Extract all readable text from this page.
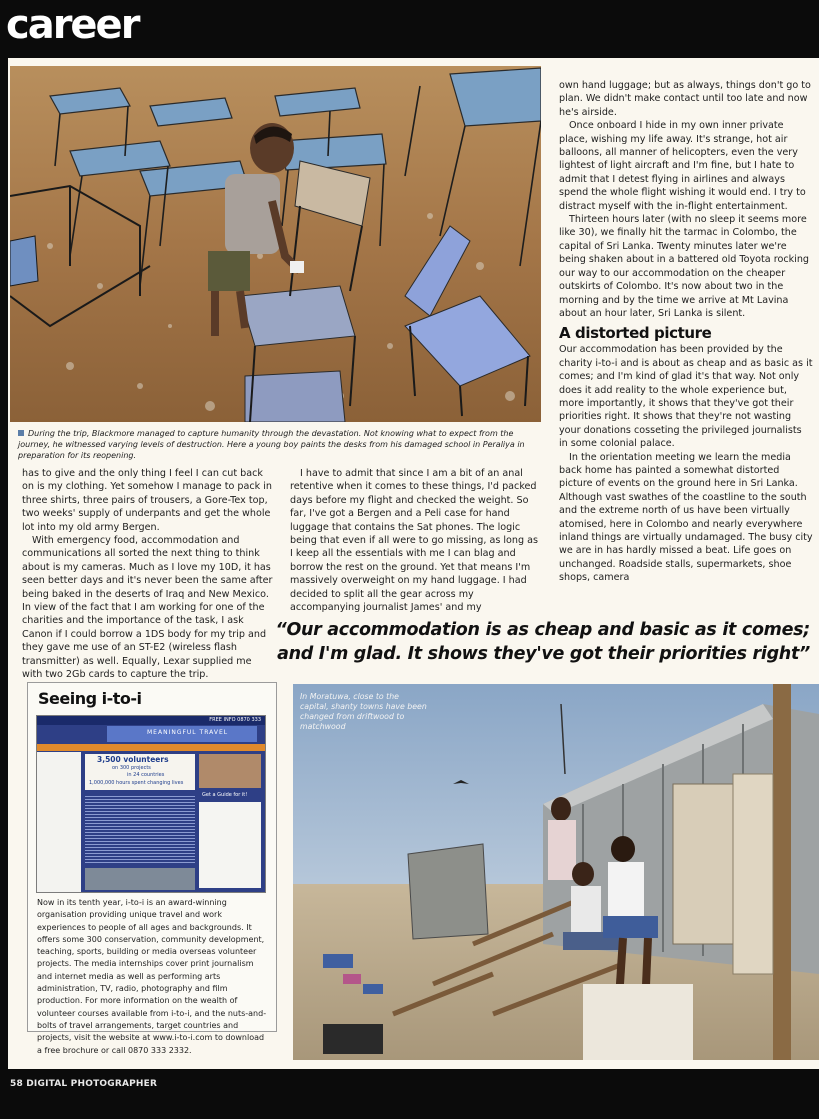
career
During the trip, Blackmore managed to capture humanity through the devastation. Not knowing what to expect from the journey, he witnessed varying levels of destruction. Here a young boy paints the desks from his damaged school in Peraliya in preparation for its reopening.

has to give and the only thing I feel I can cut back on is my clothing. Yet somehow I manage to pack in three shirts, three pairs of trousers, a Gore-Tex top, two weeks' supply of underpants and get the whole lot into my old army Bergen.

With emergency food, accommodation and communications all sorted the next thing to think about is my cameras. Much as I love my 10D, it has seen better days and it's never been the same after being baked in the deserts of Iraq and New Mexico. In view of the fact that I am working for one of the charities and the importance of the task, I ask Canon if I could borrow a 1DS body for my trip and they gave me use of an ST-E2 (wireless flash transmitter) as well. Equally, Lexar supplied me with two 2Gb cards to capture the trip.

I have to admit that since I am a bit of an anal retentive when it comes to these things, I'd packed days before my flight and checked the weight. So far, I've got a Bergen and a Peli case for hand luggage that contains the Sat phones. The logic being that even if all were to go missing, as long as I keep all the essentials with me I can blag and borrow the rest on the ground. Yet that means I'm massively overweight on my hand luggage. I had decided to split all the gear across my accompanying journalist James' and my

own hand luggage; but as always, things don't go to plan. We didn't make contact until too late and now he's airside.

Once onboard I hide in my own inner private place, wishing my life away. It's strange, hot air balloons, all manner of helicopters, even the very lightest of light aircraft and I'm fine, but I hate to admit that I detest flying in airlines and always spend the whole flight wishing it would end. I try to distract myself with the in-flight entertainment.

Thirteen hours later (with no sleep it seems more like 30), we finally hit the tarmac in Colombo, the capital of Sri Lanka. Twenty minutes later we're being shaken about in a battered old Toyota rocking our way to our accommodation on the cheaper outskirts of Colombo. It's now about two in the morning and by the time we arrive at Mt Lavina about an hour later, Sri Lanka is silent.

A distorted picture

Our accommodation has been provided by the charity i-to-i and is about as cheap and as basic as it comes; and I'm kind of glad it's that way. Not only does it add reality to the whole experience but, more importantly, it shows that they've got their priorities right. It shows that they're not wasting your donations cosseting the privileged journalists in some colonial palace.

In the orientation meeting we learn the media back home has painted a somewhat distorted picture of events on the ground here in Sri Lanka. Although vast swathes of the coastline to the south and the extreme north of us have been virtually atomised, here in Colombo and nearly everywhere inland things are virtually undamaged. The busy city we are in has hardly missed a beat. Life goes on unchanged. Roadside stalls, supermarkets, shoe shops, camera

“Our accommodation is as cheap and basic as it comes;
and I'm glad. It shows they've got their priorities right”
Seeing i-to-i
FREE INFO 0870 333
MEANINGFUL TRAVEL
3,500 volunteers
on 300 projects
in 24 countries
1,000,000 hours spent changing lives
Get a Guide for it!
Now in its tenth year, i-to-i is an award-winning organisation providing unique travel and work experiences to people of all ages and backgrounds. It offers some 300 conservation, community development, teaching, sports, building or media overseas volunteer projects. The media internships cover print journalism and internet media as well as performing arts administration, TV, radio, photography and film production. For more information on the wealth of volunteer courses available from i-to-i, and the nuts-and-bolts of travel arrangements, target countries and projects, visit the website at www.i-to-i.com to download a free brochure or call 0870 333 2332.
In Moratuwa, close to the capital, shanty towns have been changed from driftwood to matchwood
58 DIGITAL PHOTOGRAPHER
